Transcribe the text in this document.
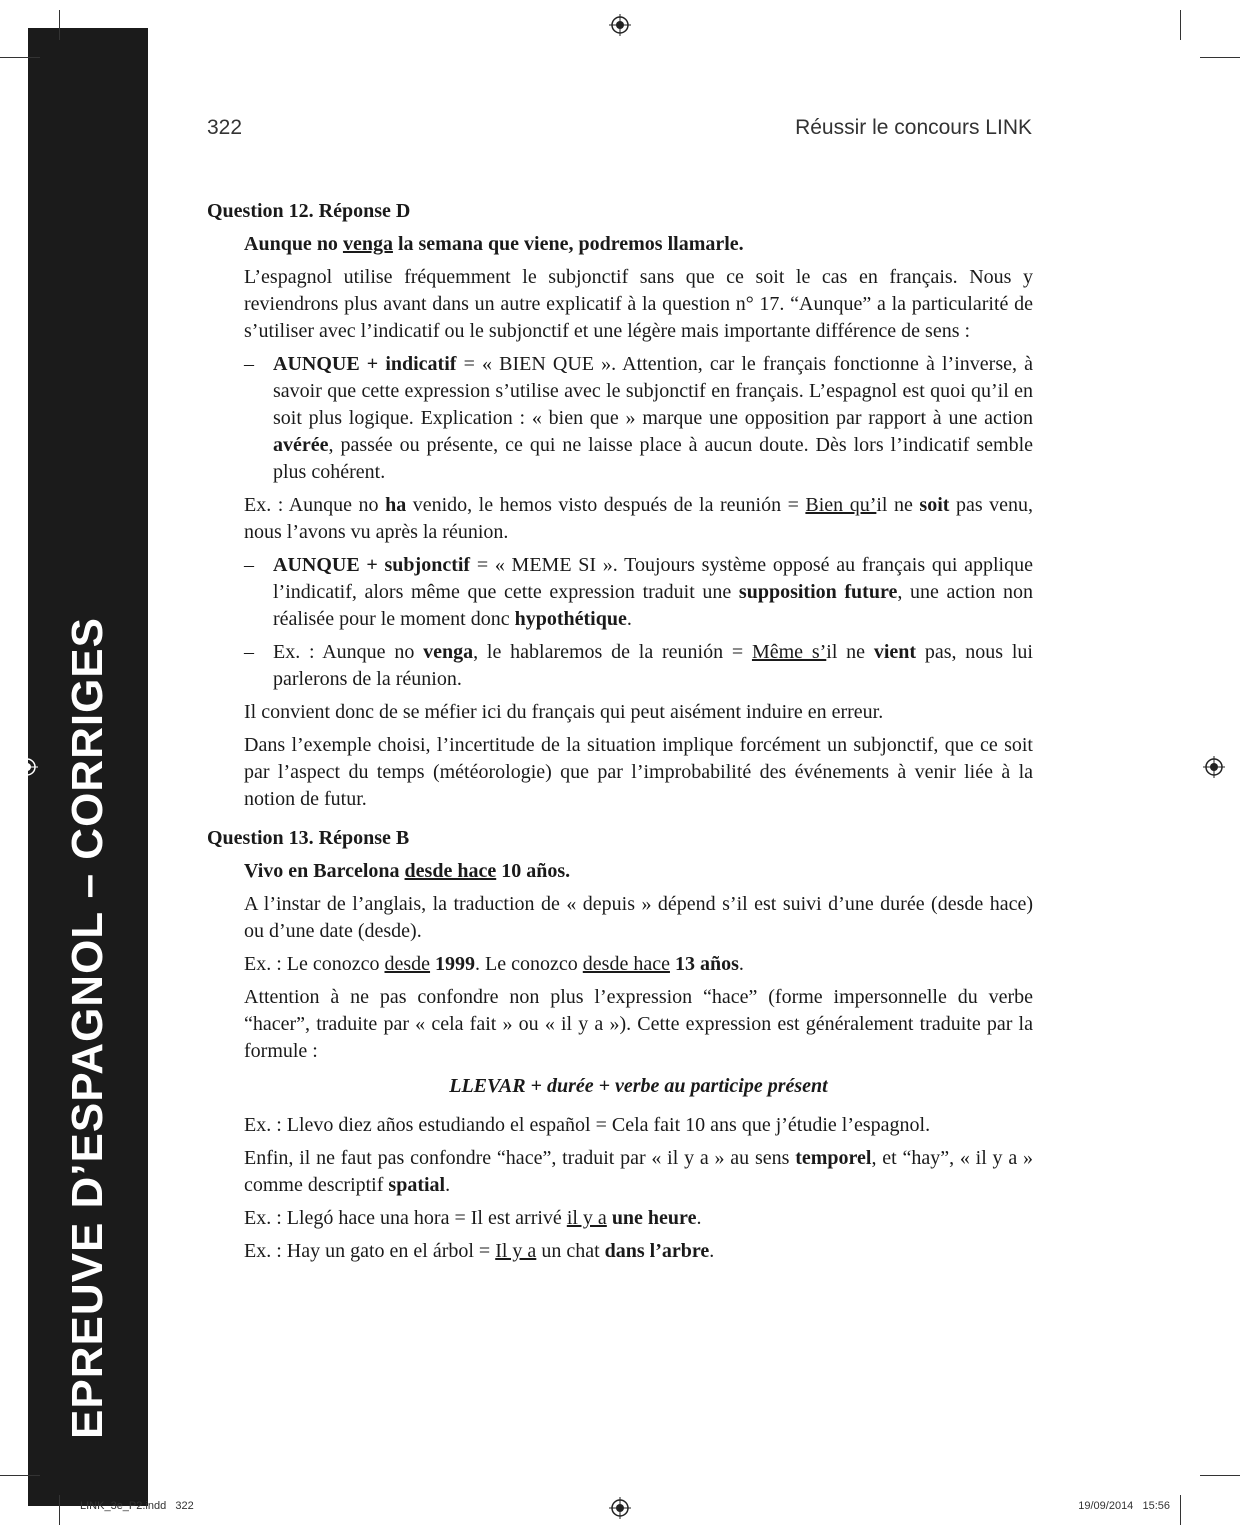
EPREUVE D’ESPAGNOL – CORRIGES
322	Réussir le concours LINK
Question 12. Réponse D
Aunque no venga la semana que viene, podremos llamarle.
L’espagnol utilise fréquemment le subjonctif sans que ce soit le cas en français. Nous y reviendrons plus avant dans un autre explicatif à la question n° 17. “Aunque” a la particularité de s’utiliser avec l’indicatif ou le subjonctif et une légère mais importante différence de sens :
– AUNQUE + indicatif = « BIEN QUE ». Attention, car le français fonctionne à l’inverse, à savoir que cette expression s’utilise avec le subjonctif en français. L’espagnol est quoi qu’il en soit plus logique. Explication : « bien que » marque une opposition par rapport à une action avérée, passée ou présente, ce qui ne laisse place à aucun doute. Dès lors l’indicatif semble plus cohérent.
Ex. : Aunque no ha venido, le hemos visto después de la reunión = Bien qu’il ne soit pas venu, nous l’avons vu après la réunion.
– AUNQUE + subjonctif = « MEME SI ». Toujours système opposé au français qui applique l’indicatif, alors même que cette expression traduit une supposition future, une action non réalisée pour le moment donc hypothétique.
– Ex. : Aunque no venga, le hablaremos de la reunión = Même s’il ne vient pas, nous lui parlerons de la réunion.
Il convient donc de se méfier ici du français qui peut aisément induire en erreur.
Dans l’exemple choisi, l’incertitude de la situation implique forcément un subjonctif, que ce soit par l’aspect du temps (météorologie) que par l’improbabilité des événements à venir liée à la notion de futur.
Question 13. Réponse B
Vivo en Barcelona desde hace 10 años.
A l’instar de l’anglais, la traduction de « depuis » dépend s’il est suivi d’une durée (desde hace) ou d’une date (desde).
Ex. : Le conozco desde 1999. Le conozco desde hace 13 años.
Attention à ne pas confondre non plus l’expression “hace” (forme impersonnelle du verbe “hacer”, traduite par « cela fait » ou « il y a »). Cette expression est généralement traduite par la formule :
LLEVAR + durée + verbe au participe présent
Ex. : Llevo diez años estudiando el español = Cela fait 10 ans que j’étudie l’espagnol.
Enfin, il ne faut pas confondre “hace”, traduit par « il y a » au sens temporel, et “hay”, « il y a » comme descriptif spatial.
Ex. : Llegó hace una hora = Il est arrivé il y a une heure.
Ex. : Hay un gato en el árbol = Il y a un chat dans l’arbre.
LINK_3e_P2.indd   322	19/09/2014   15:56
